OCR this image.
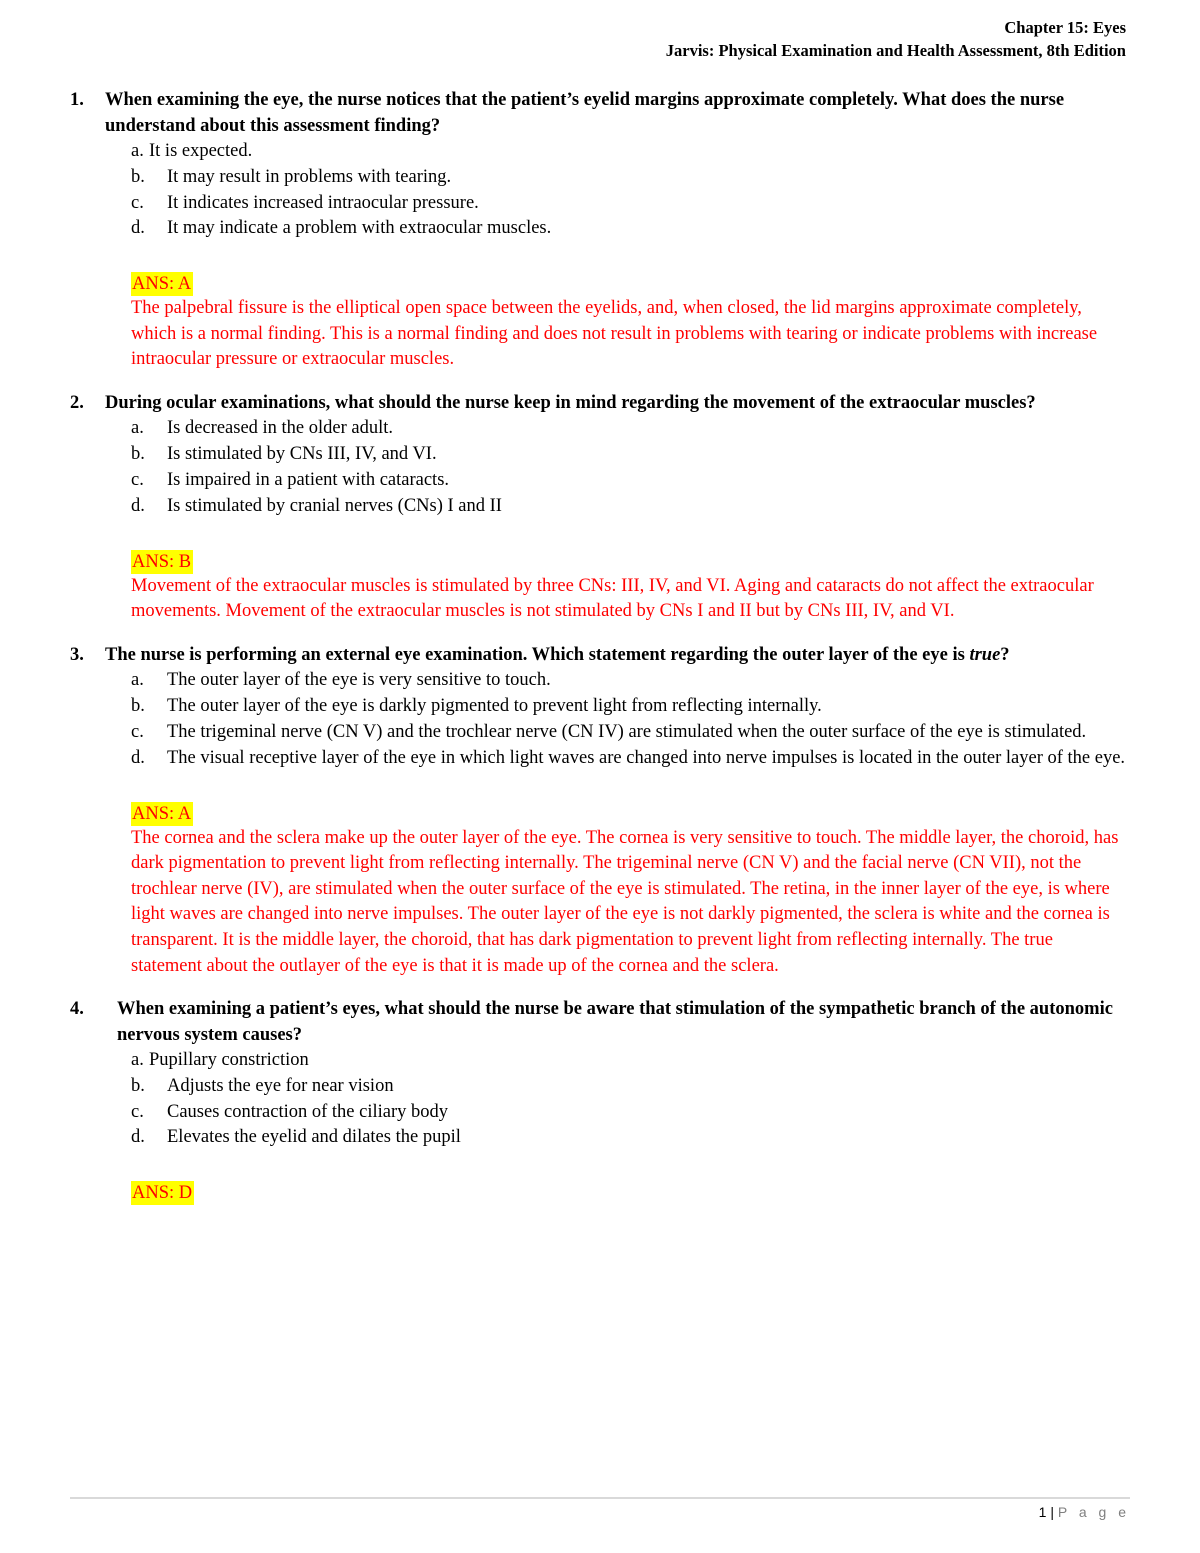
Chapter 15: Eyes
Jarvis: Physical Examination and Health Assessment, 8th Edition
1.	When examining the eye, the nurse notices that the patient’s eyelid margins approximate completely. What does the nurse understand about this assessment finding?
a. It is expected.
b.	It may result in problems with tearing.
c.	It indicates increased intraocular pressure.
d.	It may indicate a problem with extraocular muscles.
ANS: A
The palpebral fissure is the elliptical open space between the eyelids, and, when closed, the lid margins approximate completely, which is a normal finding. This is a normal finding and does not result in problems with tearing or indicate problems with increase intraocular pressure or extraocular muscles.
2.	During ocular examinations, what should the nurse keep in mind regarding the movement of the extraocular muscles?
a.	Is decreased in the older adult.
b.	Is stimulated by CNs III, IV, and VI.
c.	Is impaired in a patient with cataracts.
d.	Is stimulated by cranial nerves (CNs) I and II
ANS: B
Movement of the extraocular muscles is stimulated by three CNs: III, IV, and VI. Aging and cataracts do not affect the extraocular movements. Movement of the extraocular muscles is not stimulated by CNs I and II but by CNs III, IV, and VI.
3.	The nurse is performing an external eye examination. Which statement regarding the outer layer of the eye is true?
a.	The outer layer of the eye is very sensitive to touch.
b.	The outer layer of the eye is darkly pigmented to prevent light from reflecting internally.
c.	The trigeminal nerve (CN V) and the trochlear nerve (CN IV) are stimulated when the outer surface of the eye is stimulated.
d.	The visual receptive layer of the eye in which light waves are changed into nerve impulses is located in the outer layer of the eye.
ANS: A
The cornea and the sclera make up the outer layer of the eye. The cornea is very sensitive to touch. The middle layer, the choroid, has dark pigmentation to prevent light from reflecting internally. The trigeminal nerve (CN V) and the facial nerve (CN VII), not the trochlear nerve (IV), are stimulated when the outer surface of the eye is stimulated. The retina, in the inner layer of the eye, is where light waves are changed into nerve impulses. The outer layer of the eye is not darkly pigmented, the sclera is white and the cornea is transparent. It is the middle layer, the choroid, that has dark pigmentation to prevent light from reflecting internally. The true statement about the outlayer of the eye is that it is made up of the cornea and the sclera.
4.	When examining a patient’s eyes, what should the nurse be aware that stimulation of the sympathetic branch of the autonomic nervous system causes?
a. Pupillary constriction
b.	Adjusts the eye for near vision
c.	Causes contraction of the ciliary body
d.	Elevates the eyelid and dilates the pupil
ANS: D
1 | P a g e
